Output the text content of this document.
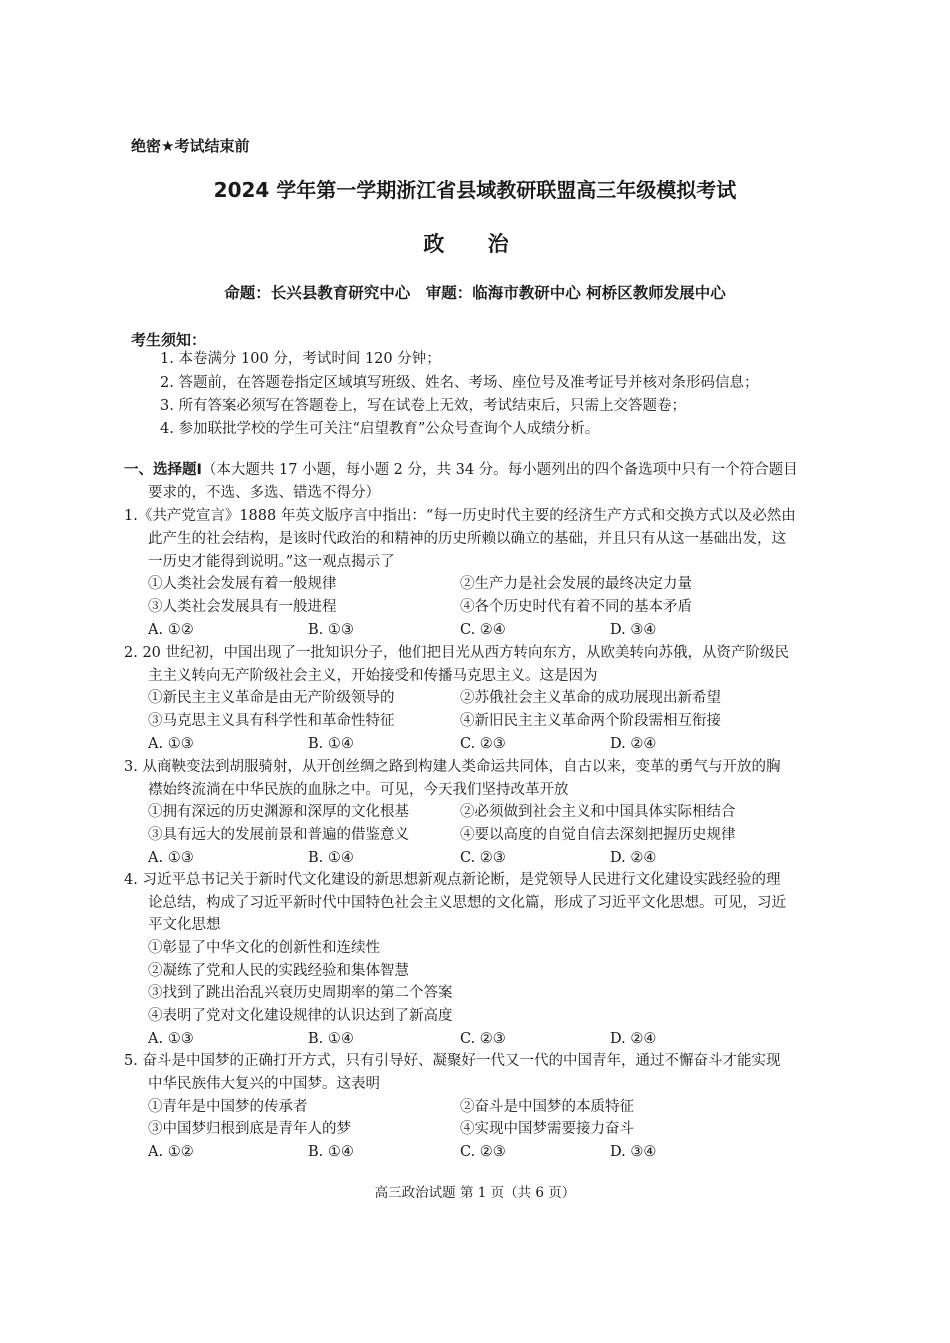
绝密★考试结束前
2024 学年第一学期浙江省县域教研联盟高三年级模拟考试
政 治
命题：长兴县教育研究中心　审题：临海市教研中心 柯桥区教师发展中心
考生须知：
1. 本卷满分 100 分，考试时间 120 分钟；
2. 答题前，在答题卷指定区域填写班级、姓名、考场、座位号及准考证号并核对条形码信息；
3. 所有答案必须写在答题卷上，写在试卷上无效，考试结束后，只需上交答题卷；
4. 参加联批学校的学生可关注“启望教育”公众号查询个人成绩分析。
一、选择题Ⅰ（本大题共 17 小题，每小题 2 分，共 34 分。每小题列出的四个备选项中只有一个符合题目
要求的，不选、多选、错选不得分）
1.《共产党宣言》1888 年英文版序言中指出：“每一历史时代主要的经济生产方式和交换方式以及必然由
此产生的社会结构，是该时代政治的和精神的历史所赖以确立的基础，并且只有从这一基础出发，这
一历史才能得到说明。”这一观点揭示了
①人类社会发展有着一般规律	②生产力是社会发展的最终决定力量
③人类社会发展具有一般进程	④各个历史时代有着不同的基本矛盾
A. ①②	B. ①③	C. ②④	D. ③④
2. 20 世纪初，中国出现了一批知识分子，他们把目光从西方转向东方，从欧美转向苏俄，从资产阶级民
主主义转向无产阶级社会主义，开始接受和传播马克思主义。这是因为
①新民主主义革命是由无产阶级领导的	②苏俄社会主义革命的成功展现出新希望
③马克思主义具有科学性和革命性特征	④新旧民主主义革命两个阶段需相互衔接
A. ①③	B. ①④	C. ②③	D. ②④
3. 从商鞅变法到胡服骑射，从开创丝绸之路到构建人类命运共同体，自古以来，变革的勇气与开放的胸
襟始终流淌在中华民族的血脉之中。可见，今天我们坚持改革开放
①拥有深远的历史渊源和深厚的文化根基	②必须做到社会主义和中国具体实际相结合
③具有远大的发展前景和普遍的借鉴意义	④要以高度的自觉自信去深刻把握历史规律
A. ①③	B. ①④	C. ②③	D. ②④
4. 习近平总书记关于新时代文化建设的新思想新观点新论断，是党领导人民进行文化建设实践经验的理
论总结，构成了习近平新时代中国特色社会主义思想的文化篇，形成了习近平文化思想。可见，习近
平文化思想
①彰显了中华文化的创新性和连续性
②凝练了党和人民的实践经验和集体智慧
③找到了跳出治乱兴衰历史周期率的第二个答案
④表明了党对文化建设规律的认识达到了新高度
A. ①③	B. ①④	C. ②③	D. ②④
5. 奋斗是中国梦的正确打开方式，只有引导好、凝聚好一代又一代的中国青年，通过不懈奋斗才能实现
中华民族伟大复兴的中国梦。这表明
①青年是中国梦的传承者	②奋斗是中国梦的本质特征
③中国梦归根到底是青年人的梦	④实现中国梦需要接力奋斗
A. ①②	B. ①④	C. ②③	D. ③④
高三政治试题 第 1 页（共 6 页）
